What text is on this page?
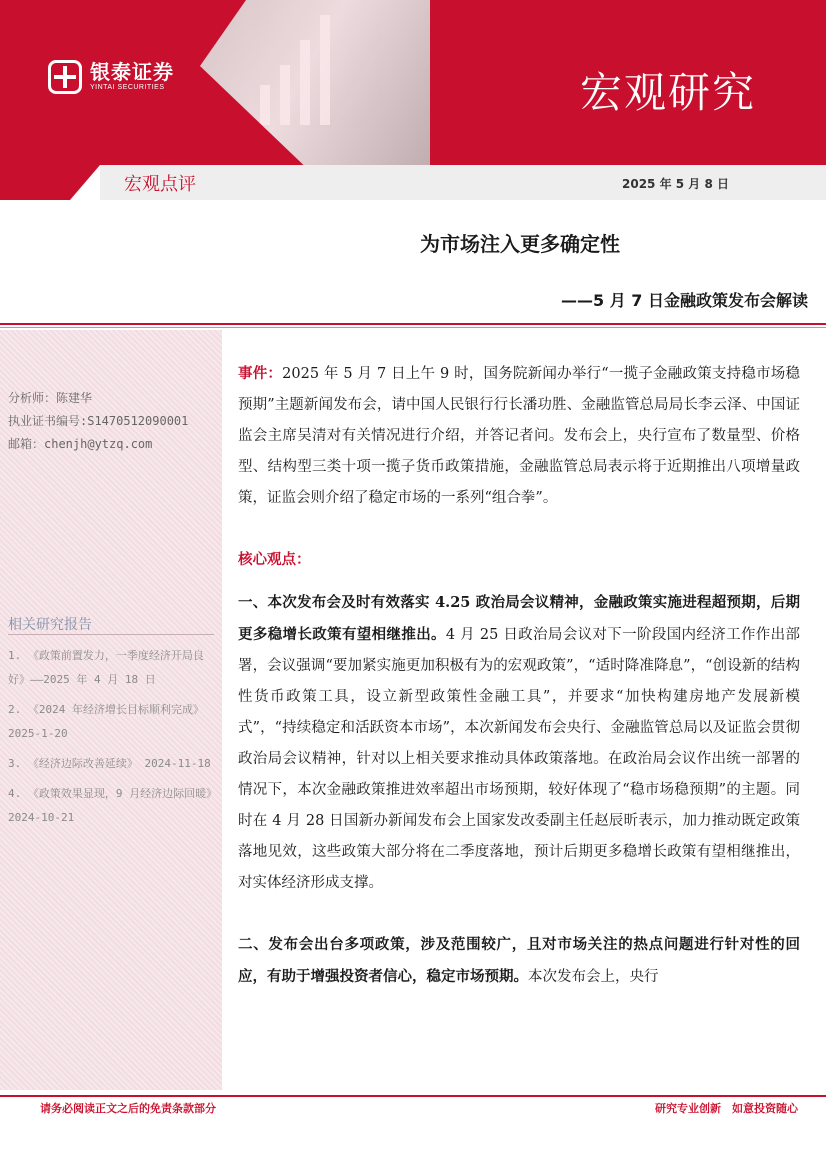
银泰证券
YINTAI SECURITIES	宏观研究
宏观点评	2025 年 5 月 8 日
为市场注入更多确定性
——5 月 7 日金融政策发布会解读
分析师：陈建华
执业证书编号:S1470512090001
邮箱：chenjh@ytzq.com
相关研究报告
1. 《政策前置发力，一季度经济开局良好》——2025 年 4 月 18 日
2. 《2024 年经济增长目标顺利完成》2025-1-20
3. 《经济边际改善延续》 2024-11-18
4. 《政策效果显现，9 月经济边际回暖》2024-10-21

事件：2025 年 5 月 7 日上午 9 时，国务院新闻办举行“一揽子金融政策支持稳市场稳预期”主题新闻发布会，请中国人民银行行长潘功胜、金融监管总局局长李云泽、中国证监会主席吴清对有关情况进行介绍，并答记者问。发布会上，央行宣布了数量型、价格型、结构型三类十项一揽子货币政策措施，金融监管总局表示将于近期推出八项增量政策，证监会则介绍了稳定市场的一系列“组合拳”。

核心观点：

一、本次发布会及时有效落实 4.25 政治局会议精神，金融政策实施进程超预期，后期更多稳增长政策有望相继推出。4 月 25 日政治局会议对下一阶段国内经济工作作出部署，会议强调“要加紧实施更加积极有为的宏观政策”，“适时降准降息”，“创设新的结构性货币政策工具，设立新型政策性金融工具”，并要求“加快构建房地产发展新模式”，“持续稳定和活跃资本市场”，本次新闻发布会央行、金融监管总局以及证监会贯彻政治局会议精神，针对以上相关要求推动具体政策落地。在政治局会议作出统一部署的情况下，本次金融政策推进效率超出市场预期，较好体现了“稳市场稳预期”的主题。同时在 4 月 28 日国新办新闻发布会上国家发改委副主任赵辰昕表示，加力推动既定政策落地见效，这些政策大部分将在二季度落地，预计后期更多稳增长政策有望相继推出，对实体经济形成支撑。

二、发布会出台多项政策，涉及范围较广，且对市场关注的热点问题进行针对性的回应，有助于增强投资者信心，稳定市场预期。本次发布会上，央行

请务必阅读正文之后的免责条款部分	研究专业创新　如意投资随心
